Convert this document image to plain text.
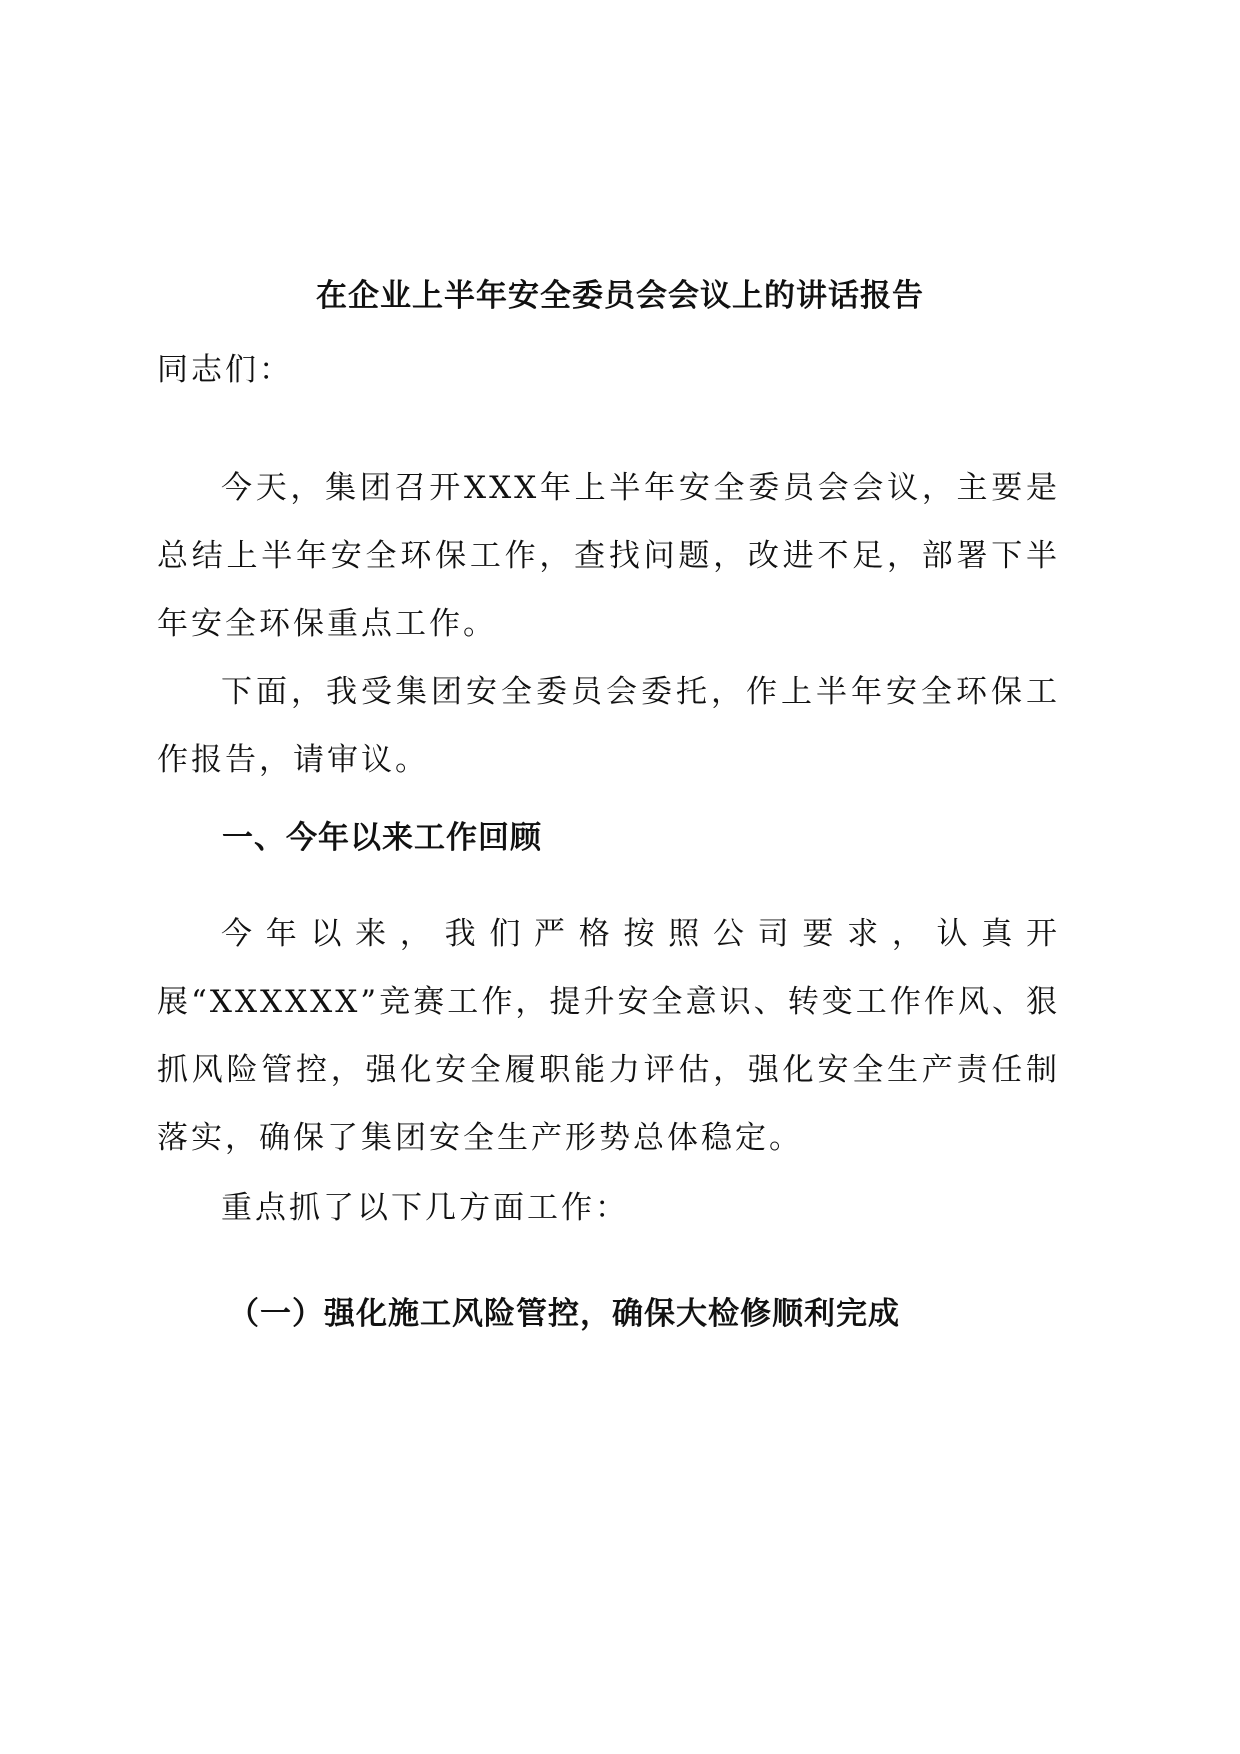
在企业上半年安全委员会会议上的讲话报告
同志们：
今天，集团召开XXX年上半年安全委员会会议，主要是总结上半年安全环保工作，查找问题，改进不足，部署下半年安全环保重点工作。
下面，我受集团安全委员会委托，作上半年安全环保工作报告，请审议。
一、今年以来工作回顾
今年以来，我们严格按照公司要求，认真开展“XXXXXX”竞赛工作，提升安全意识、转变工作作风、狠抓风险管控，强化安全履职能力评估，强化安全生产责任制落实，确保了集团安全生产形势总体稳定。
重点抓了以下几方面工作：
（一）强化施工风险管控，确保大检修顺利完成
